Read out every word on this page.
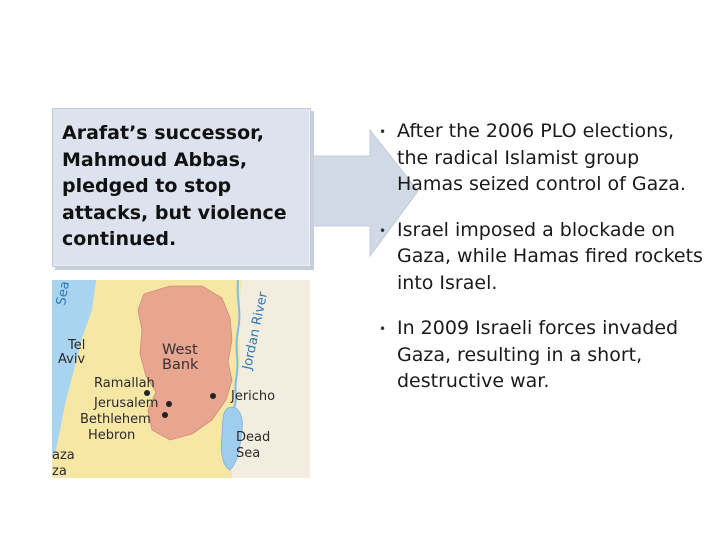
Arafat’s successor, Mahmoud Abbas, pledged to stop attacks, but violence continued.
Sea
Tel
Aviv
West
Bank	Jordan River
Ramallah
Jerusalem	Jericho
Bethlehem
Hebron	Dead
Sea
aza
za
• After the 2006 PLO elections, the radical Islamist group Hamas seized control of Gaza.
• Israel imposed a blockade on Gaza, while Hamas fired rockets into Israel.
• In 2009 Israeli forces invaded Gaza, resulting in a short, destructive war.
